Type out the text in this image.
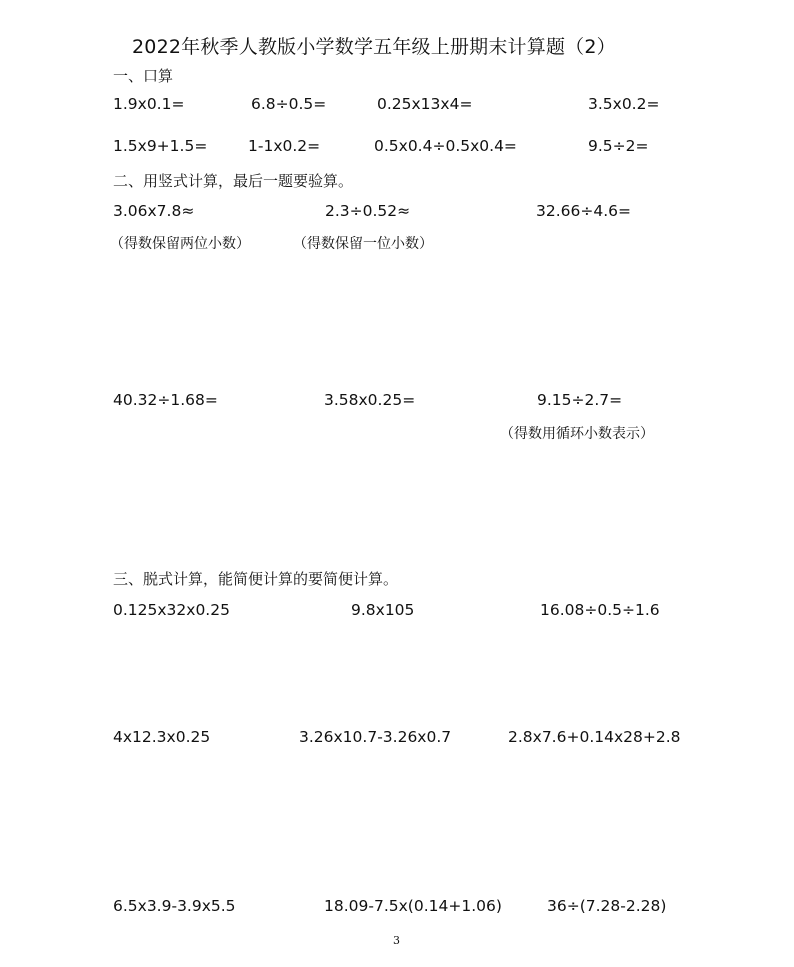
2022年秋季人教版小学数学五年级上册期末计算题（2）
一、口算
1.9x0.1=	6.8÷0.5=	0.25x13x4=	3.5x0.2=
1.5x9+1.5=	1-1x0.2=	0.5x0.4÷0.5x0.4=	9.5÷2=
二、用竖式计算，最后一题要验算。
3.06x7.8≈	2.3÷0.52≈	32.66÷4.6=
（得数保留两位小数）	（得数保留一位小数）
40.32÷1.68=	3.58x0.25=	9.15÷2.7=
（得数用循环小数表示）
三、脱式计算，能简便计算的要简便计算。
0.125x32x0.25	9.8x105	16.08÷0.5÷1.6
4x12.3x0.25	3.26x10.7-3.26x0.7	2.8x7.6+0.14x28+2.8
6.5x3.9-3.9x5.5	18.09-7.5x(0.14+1.06)	36÷(7.28-2.28)
3
